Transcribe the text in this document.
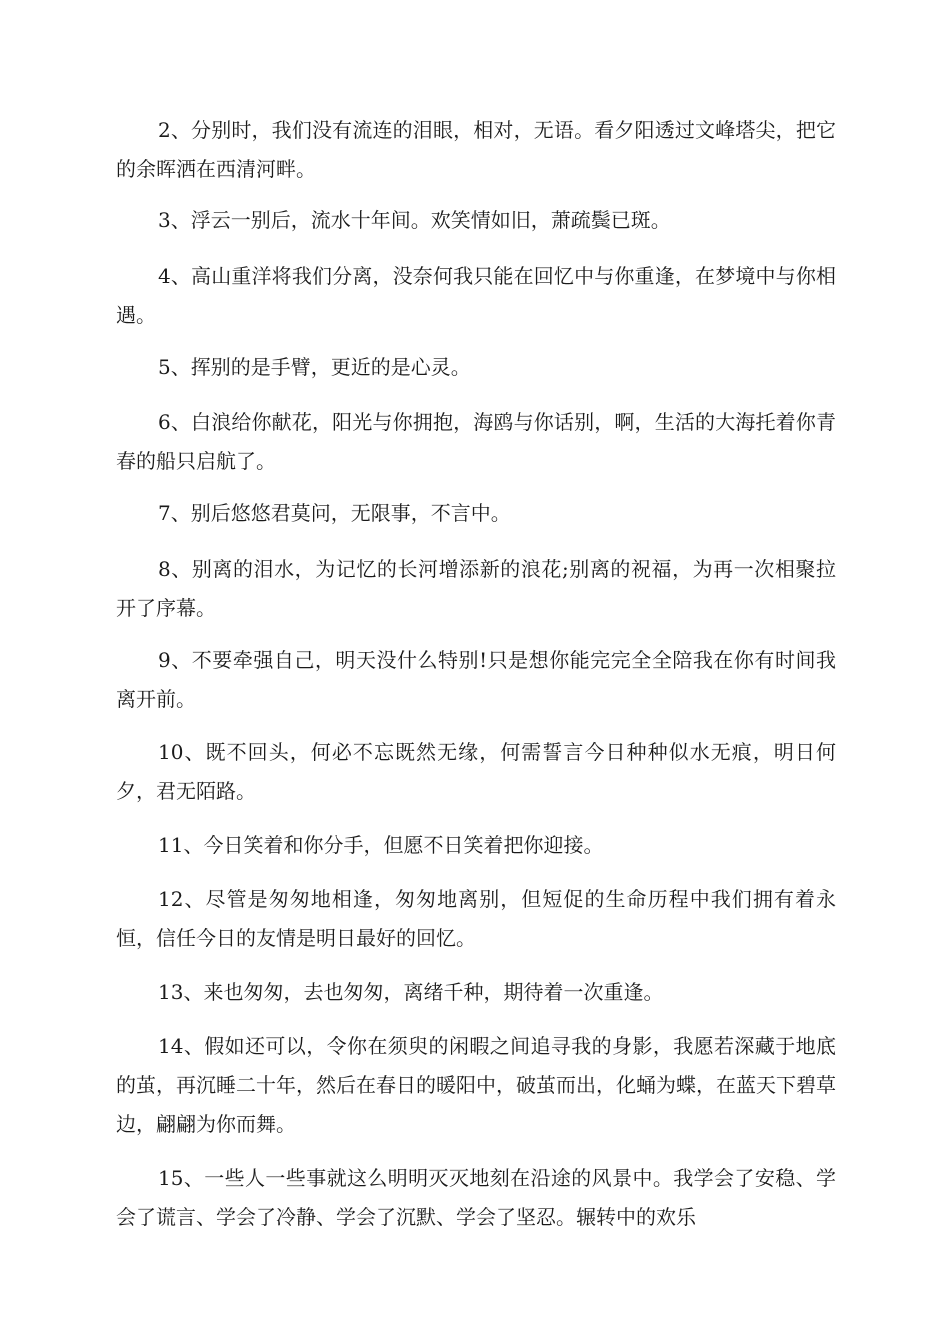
2、分别时，我们没有流连的泪眼，相对，无语。看夕阳透过文峰塔尖，把它的余晖洒在西清河畔。

3、浮云一别后，流水十年间。欢笑情如旧，萧疏鬓已斑。

4、高山重洋将我们分离，没奈何我只能在回忆中与你重逢，在梦境中与你相遇。

5、挥别的是手臂，更近的是心灵。

6、白浪给你献花，阳光与你拥抱，海鸥与你话别，啊，生活的大海托着你青春的船只启航了。

7、别后悠悠君莫问，无限事，不言中。

8、别离的泪水，为记忆的长河增添新的浪花;别离的祝福，为再一次相聚拉开了序幕。

9、不要牵强自己，明天没什么特别!只是想你能完完全全陪我在你有时间我离开前。

10、既不回头，何必不忘既然无缘，何需誓言今日种种似水无痕，明日何夕，君无陌路。

11、今日笑着和你分手，但愿不日笑着把你迎接。

12、尽管是匆匆地相逢，匆匆地离别，但短促的生命历程中我们拥有着永恒，信任今日的友情是明日最好的回忆。

13、来也匆匆，去也匆匆，离绪千种，期待着一次重逢。

14、假如还可以，令你在须臾的闲暇之间追寻我的身影，我愿若深藏于地底的茧，再沉睡二十年，然后在春日的暖阳中，破茧而出，化蛹为蝶，在蓝天下碧草边，翩翩为你而舞。

15、一些人一些事就这么明明灭灭地刻在沿途的风景中。我学会了安稳、学会了谎言、学会了冷静、学会了沉默、学会了坚忍。辗转中的欢乐
